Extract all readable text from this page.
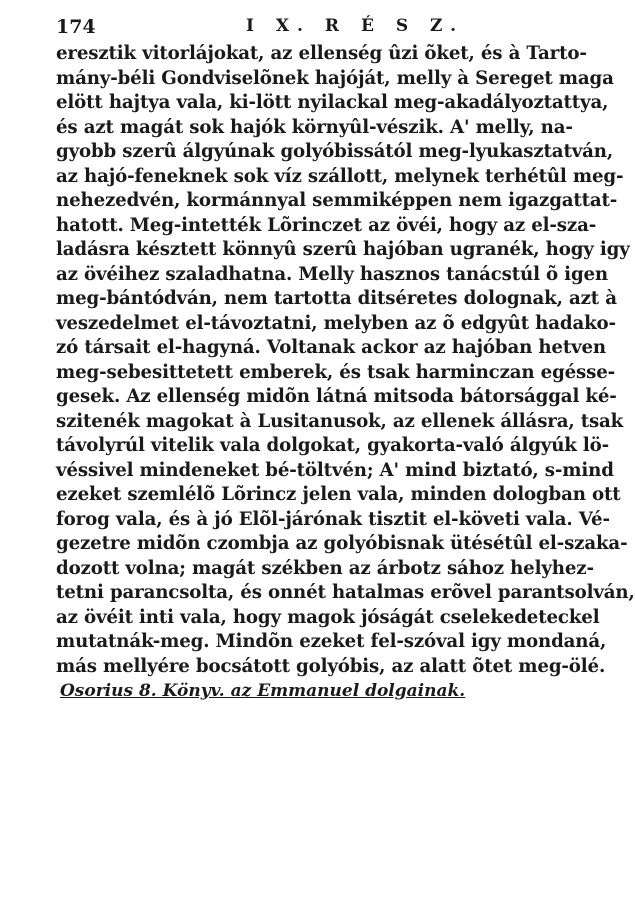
174	I X. R É S Z.
eresztik vitorlájokat, az ellenség ûzi õket, és à Tarto-
mány-béli Gondviselõnek hajóját, melly à Sereget maga
elött hajtya vala, ki-lött nyilackal meg-akadályoztattya,
és azt magát sok hajók környûl-vészik. A' melly, na-
gyobb szerû álgyúnak golyóbissától meg-lyukasztatván,
az hajó-feneknek sok víz szállott, melynek terhétûl meg-
nehezedvén, kormánnyal semmiképpen nem igazgattat-
hatott. Meg-intették Lõrinczet az övéi, hogy az el-sza-
ladásra késztett könnyû szerû hajóban ugranék, hogy igy
az övéihez szaladhatna. Melly hasznos tanácstúl õ igen
meg-bántódván, nem tartotta ditséretes dolognak, azt à
veszedelmet el-távoztatni, melyben az õ edgyût hadako-
zó társait el-hagyná. Voltanak ackor az hajóban hetven
meg-sebesittetett emberek, és tsak harminczan egésse-
gesek. Az ellenség midõn látná mitsoda bátorsággal ké-
szitenék magokat à Lusitanusok, az ellenek állásra, tsak
távolyrúl vitelik vala dolgokat, gyakorta-való álgyúk lö-
véssivel mindeneket bé-töltvén; A' mind biztató, s-mind
ezeket szemlélõ Lõrincz jelen vala, minden dologban ott
forog vala, és à jó Elõl-járónak tisztit el-követi vala. Vé-
gezetre midõn czombja az golyóbisnak ütésétûl el-szaka-
dozott volna; magát székben az árbotz sához helyhez-
tetni parancsolta, és onnét hatalmas erõvel parantsolván,
az övéit inti vala, hogy magok jóságát cselekedeteckel
mutatnák-meg. Mindõn ezeket fel-szóval igy mondaná,
más mellyére bocsátott golyóbis, az alatt õtet meg-ölé.
Osorius 8. Könyv. az Emmanuel dolgainak.
